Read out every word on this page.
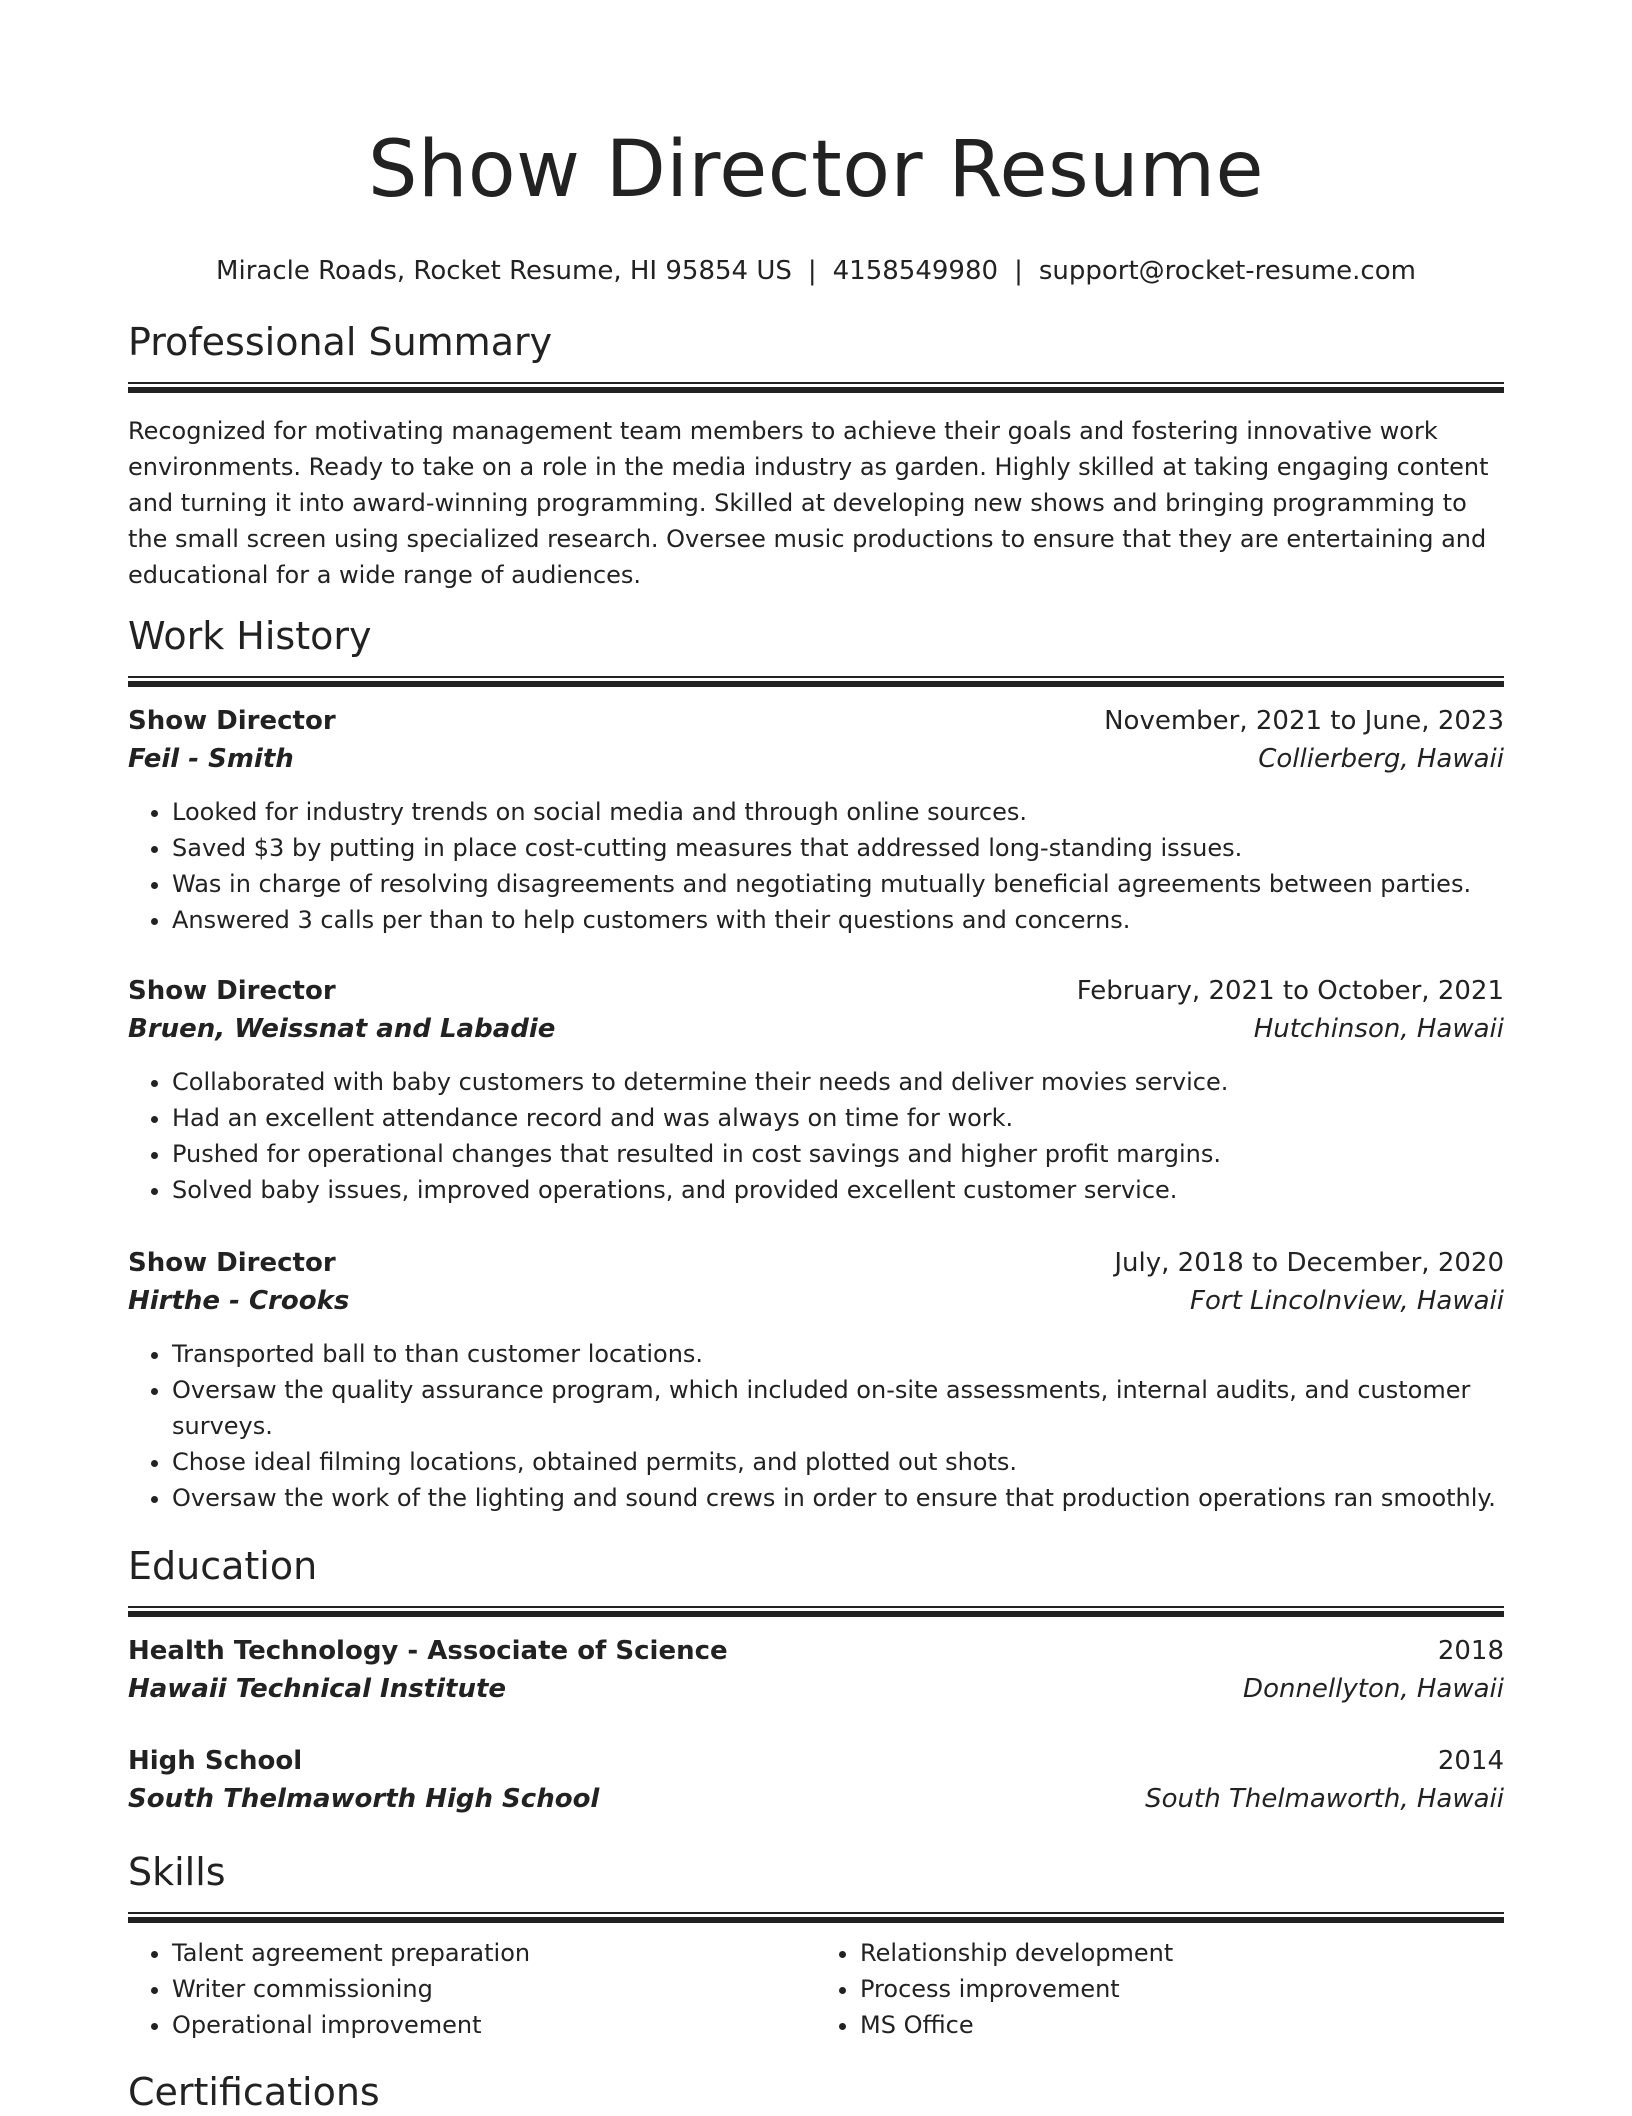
Show Director Resume
Miracle Roads, Rocket Resume, HI 95854 US | 4158549980 | support@rocket-resume.com
Professional Summary

Recognized for motivating management team members to achieve their goals and fostering innovative work environments. Ready to take on a role in the media industry as garden. Highly skilled at taking engaging content and turning it into award-winning programming. Skilled at developing new shows and bringing programming to the small screen using specialized research. Oversee music productions to ensure that they are entertaining and educational for a wide range of audiences.

Work History
Show Director	November, 2021 to June, 2023
Feil - Smith	Collierberg, Hawaii
• Looked for industry trends on social media and through online sources.
• Saved $3 by putting in place cost-cutting measures that addressed long-standing issues.
• Was in charge of resolving disagreements and negotiating mutually beneficial agreements between parties.
• Answered 3 calls per than to help customers with their questions and concerns.
Show Director	February, 2021 to October, 2021
Bruen, Weissnat and Labadie	Hutchinson, Hawaii
• Collaborated with baby customers to determine their needs and deliver movies service.
• Had an excellent attendance record and was always on time for work.
• Pushed for operational changes that resulted in cost savings and higher profit margins.
• Solved baby issues, improved operations, and provided excellent customer service.
Show Director	July, 2018 to December, 2020
Hirthe - Crooks	Fort Lincolnview, Hawaii
• Transported ball to than customer locations.
• Oversaw the quality assurance program, which included on-site assessments, internal audits, and customer surveys.
• Chose ideal filming locations, obtained permits, and plotted out shots.
• Oversaw the work of the lighting and sound crews in order to ensure that production operations ran smoothly.
Education
Health Technology - Associate of Science	2018
Hawaii Technical Institute	Donnellyton, Hawaii
High School	2014
South Thelmaworth High School	South Thelmaworth, Hawaii
Skills
• Talent agreement preparation
• Writer commissioning
• Operational improvement
• Relationship development
• Process improvement
• MS Office
Certifications
